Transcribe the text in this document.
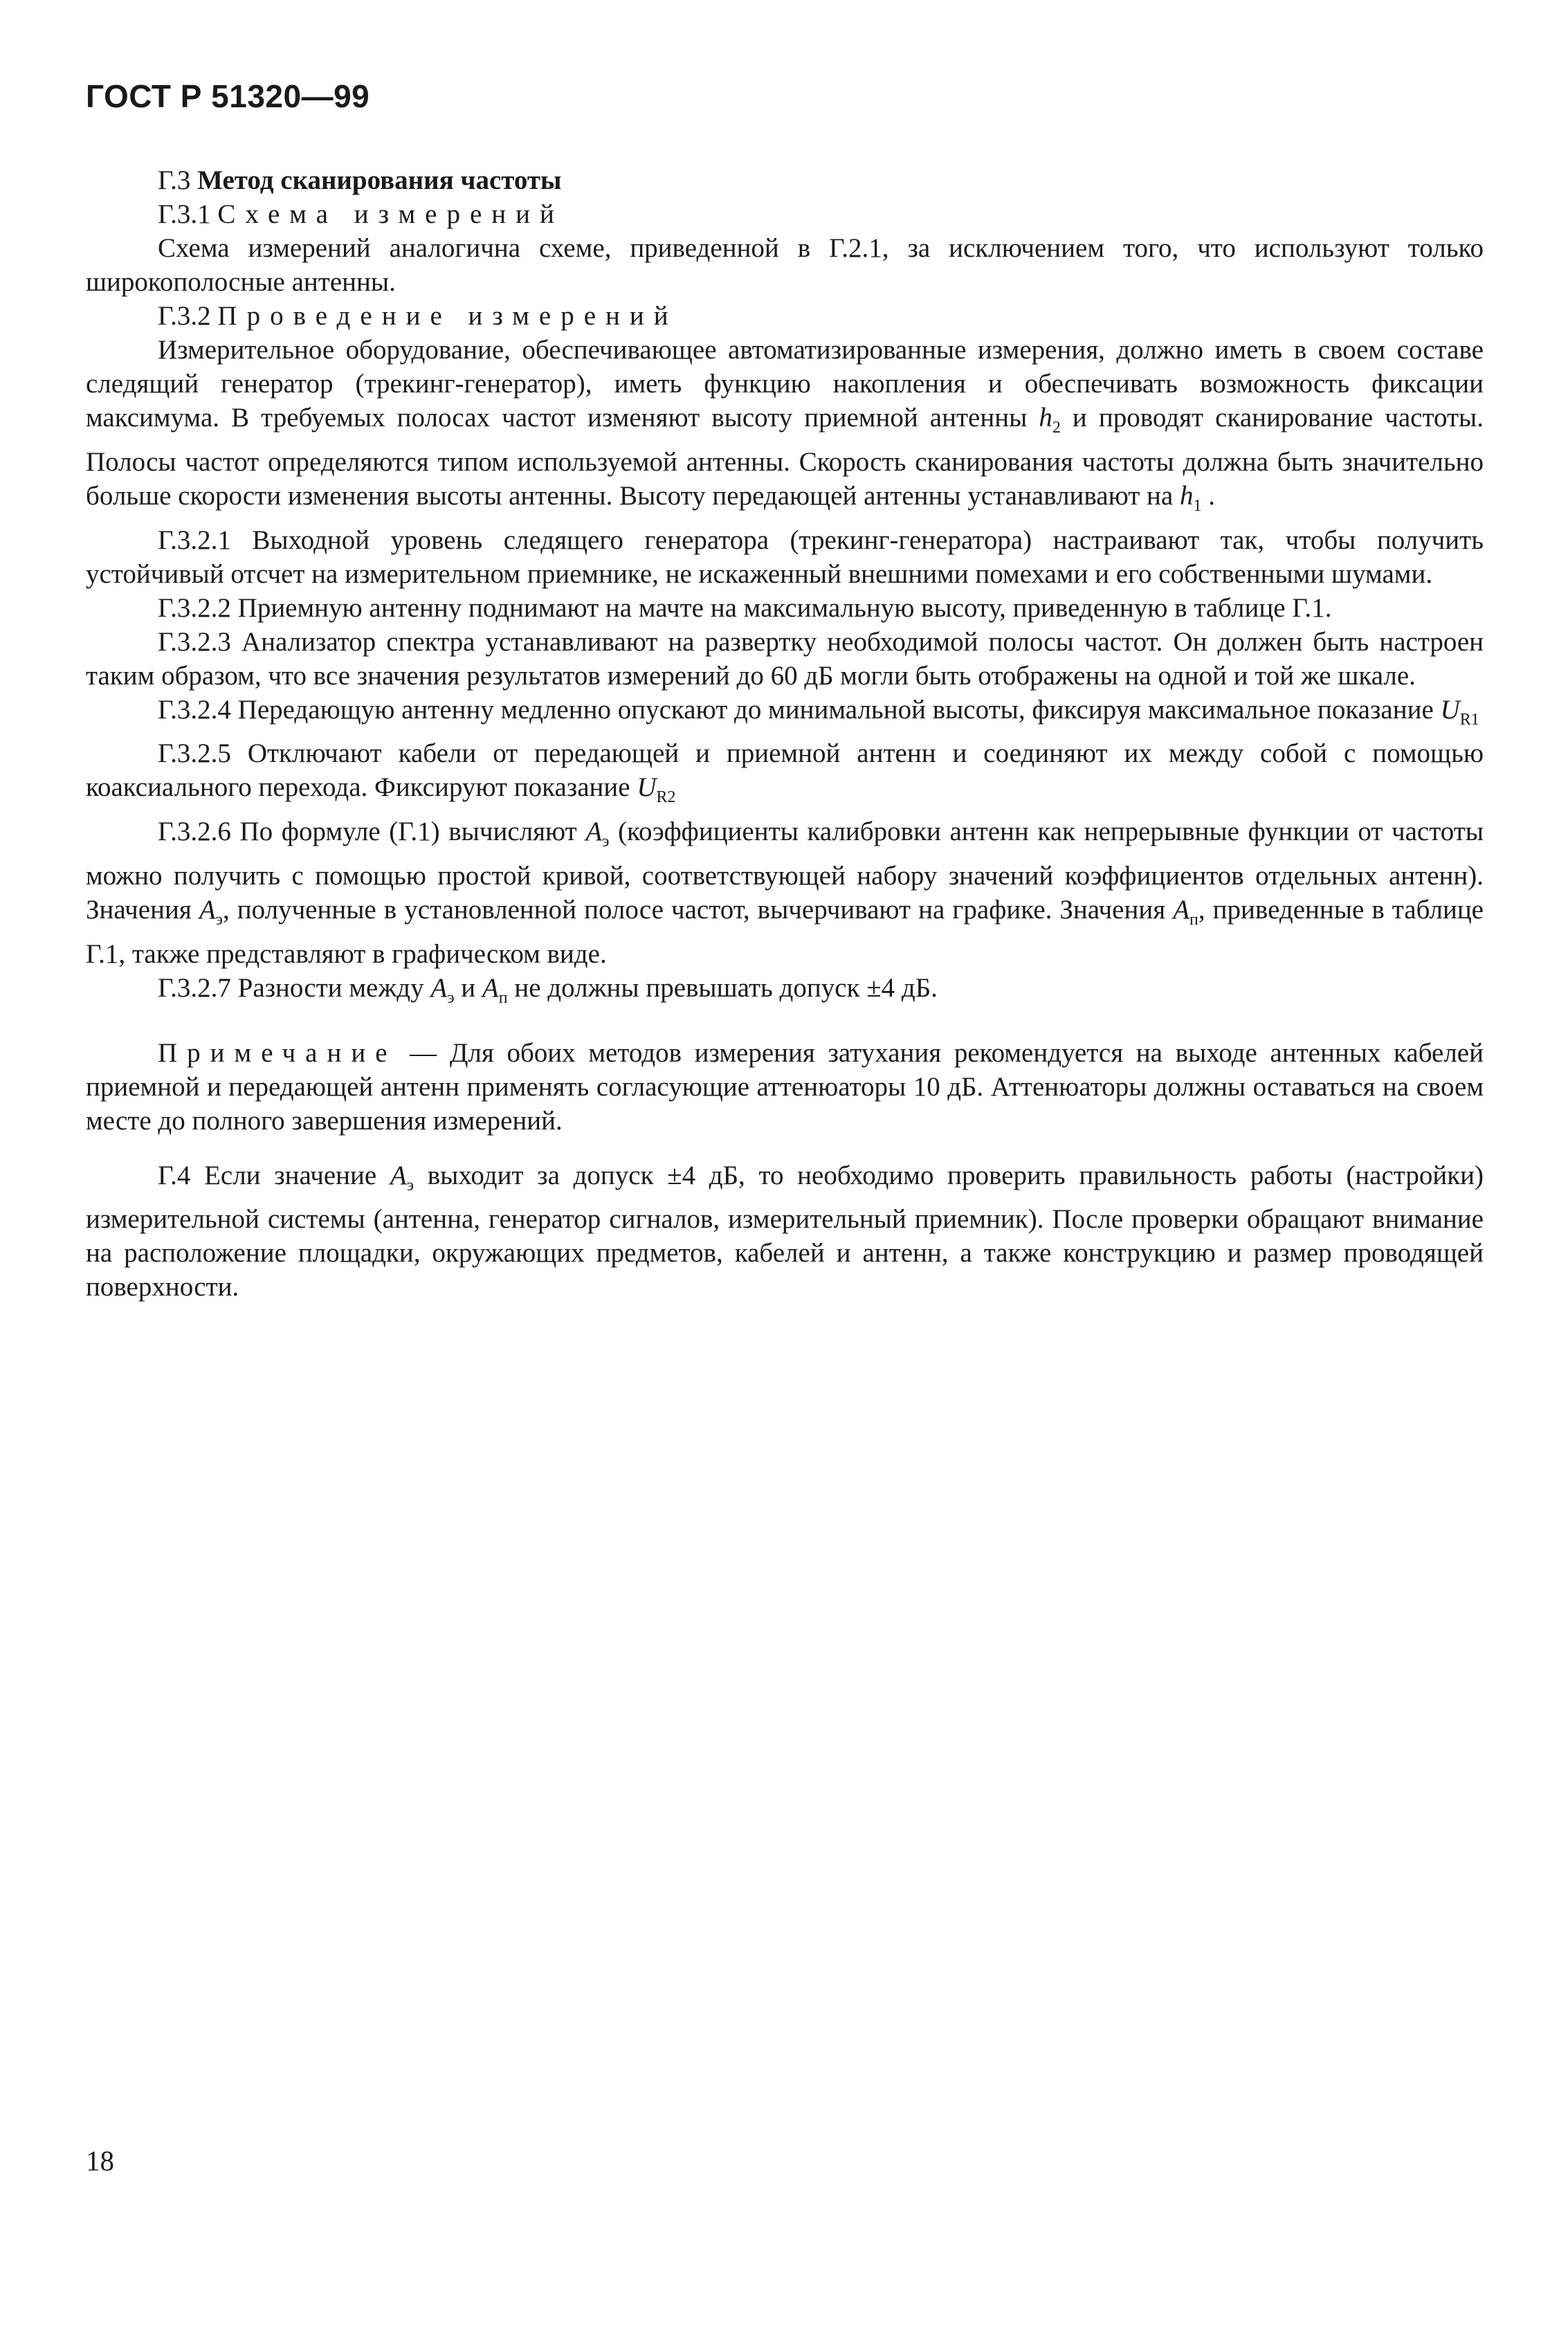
ГОСТ Р 51320—99

Г.3 Метод сканирования частоты

Г.3.1 Схема измерений

Схема измерений аналогична схеме, приведенной в Г.2.1, за исключением того, что используют только широкополосные антенны.

Г.3.2 Проведение измерений

Измерительное оборудование, обеспечивающее автоматизированные измерения, должно иметь в своем составе следящий генератор (трекинг-генератор), иметь функцию накопления и обеспечивать возможность фиксации максимума. В требуемых полосах частот изменяют высоту приемной антенны $h_2$ и проводят сканирование частоты. Полосы частот определяются типом используемой антенны. Скорость сканирования частоты должна быть значительно больше скорости изменения высоты антенны. Высоту передающей антенны устанавливают на $h_1$ .

Г.3.2.1 Выходной уровень следящего генератора (трекинг-генератора) настраивают так, чтобы получить устойчивый отсчет на измерительном приемнике, не искаженный внешними помехами и его собственными шумами.

Г.3.2.2 Приемную антенну поднимают на мачте на максимальную высоту, приведенную в таблице Г.1.

Г.3.2.3 Анализатор спектра устанавливают на развертку необходимой полосы частот. Он должен быть настроен таким образом, что все значения результатов измерений до 60 дБ могли быть отображены на одной и той же шкале.

Г.3.2.4 Передающую антенну медленно опускают до минимальной высоты, фиксируя максимальное показание $U_{R1}$

Г.3.2.5 Отключают кабели от передающей и приемной антенн и соединяют их между собой с помощью коаксиального перехода. Фиксируют показание $U_{R2}$

Г.3.2.6 По формуле (Г.1) вычисляют $A_э$ (коэффициенты калибровки антенн как непрерывные функции от частоты можно получить с помощью простой кривой, соответствующей набору значений коэффициентов отдельных антенн). Значения $A_э$, полученные в установленной полосе частот, вычерчивают на графике. Значения $A_п$, приведенные в таблице Г.1, также представляют в графическом виде.

Г.3.2.7 Разности между $A_э$ и $A_п$ не должны превышать допуск ±4 дБ.

Примечание — Для обоих методов измерения затухания рекомендуется на выходе антенных кабелей приемной и передающей антенн применять согласующие аттенюаторы 10 дБ. Аттенюаторы должны оставаться на своем месте до полного завершения измерений.

Г.4 Если значение $A_э$ выходит за допуск ±4 дБ, то необходимо проверить правильность работы (настройки) измерительной системы (антенна, генератор сигналов, измерительный приемник). После проверки обращают внимание на расположение площадки, окружающих предметов, кабелей и антенн, а также конструкцию и размер проводящей поверхности.

18
